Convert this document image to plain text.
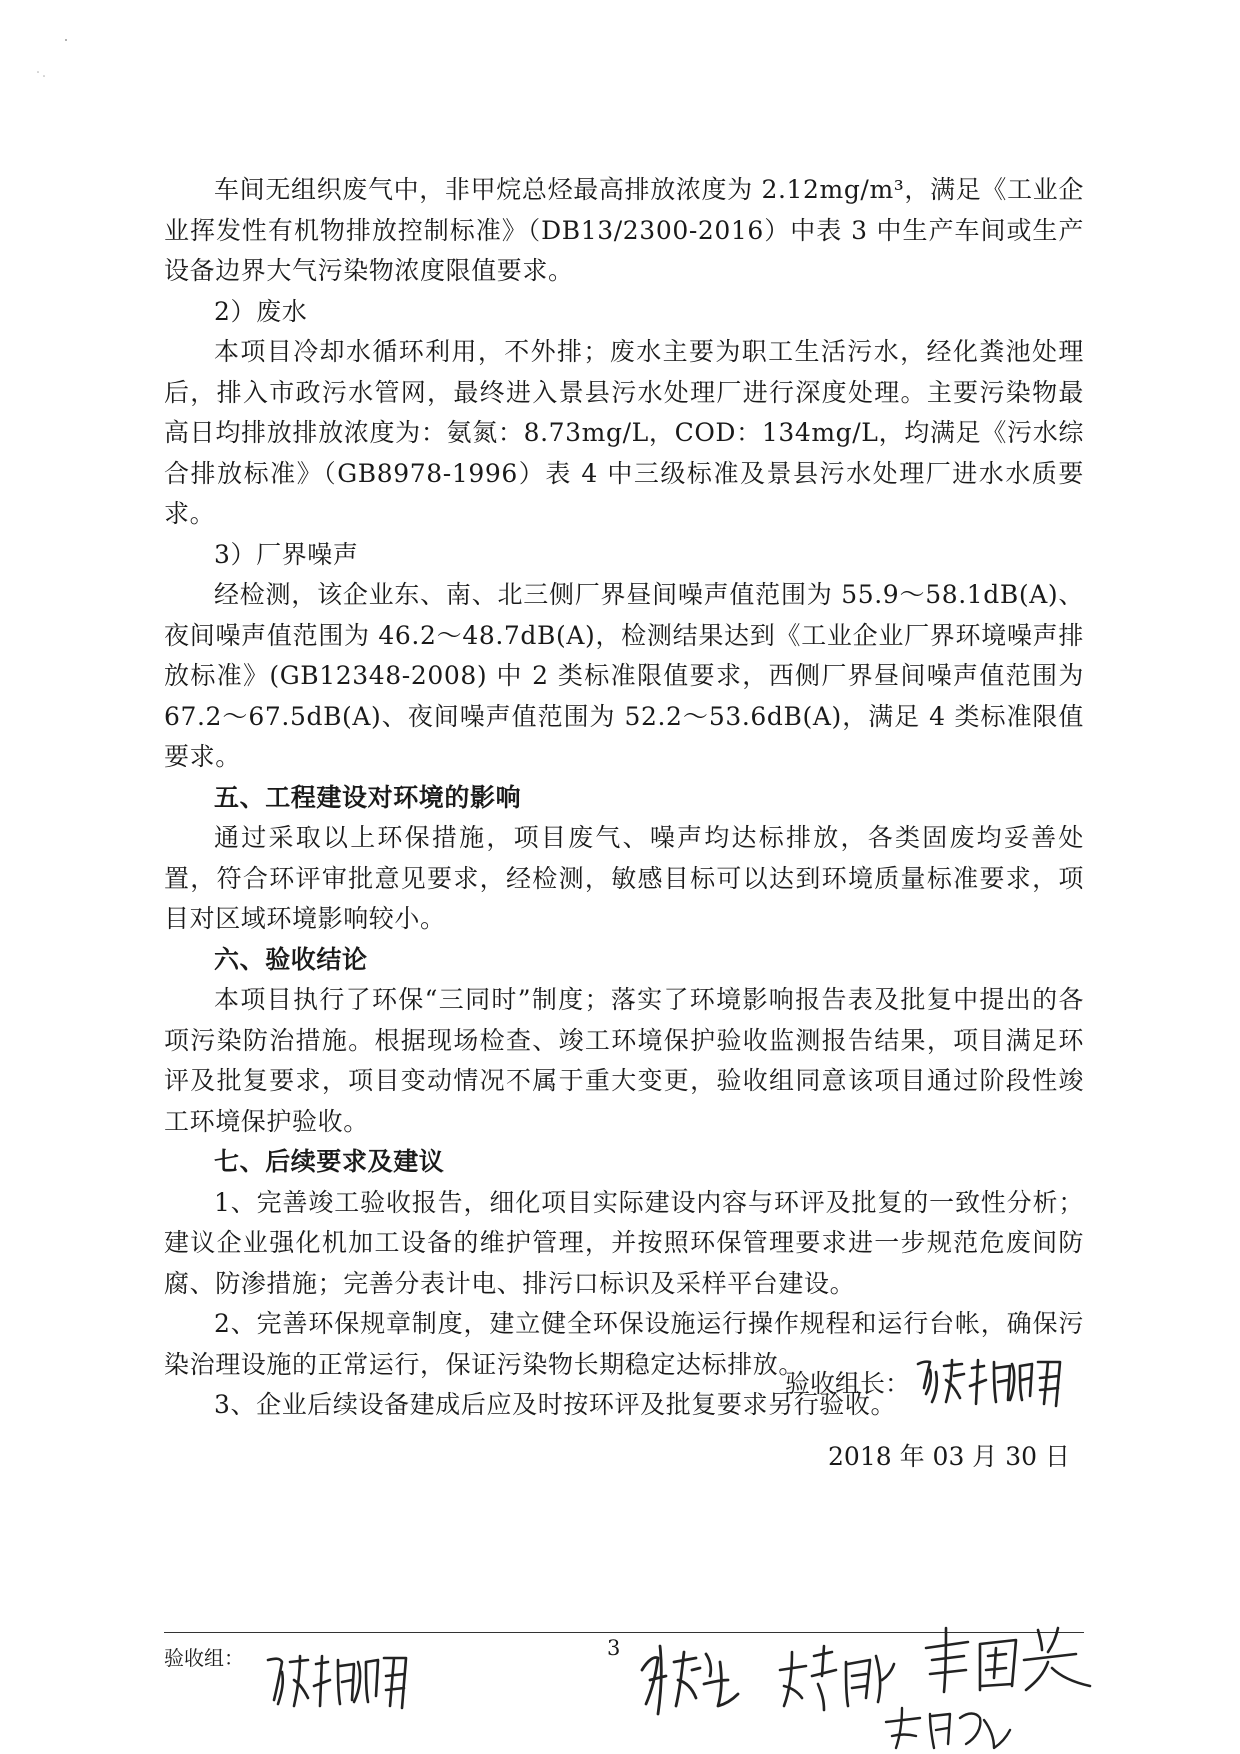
车间无组织废气中，非甲烷总烃最高排放浓度为 2.12mg/m³，满足《工业企业挥发性有机物排放控制标准》（DB13/2300-2016）中表 3 中生产车间或生产设备边界大气污染物浓度限值要求。

2）废水

本项目冷却水循环利用，不外排；废水主要为职工生活污水，经化粪池处理后，排入市政污水管网，最终进入景县污水处理厂进行深度处理。主要污染物最高日均排放排放浓度为：氨氮：8.73mg/L，COD：134mg/L，均满足《污水综合排放标准》（GB8978-1996）表 4 中三级标准及景县污水处理厂进水水质要求。

3）厂界噪声

经检测，该企业东、南、北三侧厂界昼间噪声值范围为 55.9～58.1dB(A)、夜间噪声值范围为 46.2～48.7dB(A)，检测结果达到《工业企业厂界环境噪声排放标准》(GB12348-2008) 中 2 类标准限值要求，西侧厂界昼间噪声值范围为 67.2～67.5dB(A)、夜间噪声值范围为 52.2～53.6dB(A)，满足 4 类标准限值要求。

五、工程建设对环境的影响

通过采取以上环保措施，项目废气、噪声均达标排放，各类固废均妥善处置，符合环评审批意见要求，经检测，敏感目标可以达到环境质量标准要求，项目对区域环境影响较小。

六、验收结论

本项目执行了环保“三同时”制度；落实了环境影响报告表及批复中提出的各项污染防治措施。根据现场检查、竣工环境保护验收监测报告结果，项目满足环评及批复要求，项目变动情况不属于重大变更，验收组同意该项目通过阶段性竣工环境保护验收。

七、后续要求及建议

1、完善竣工验收报告，细化项目实际建设内容与环评及批复的一致性分析；建议企业强化机加工设备的维护管理，并按照环保管理要求进一步规范危废间防腐、防渗措施；完善分表计电、排污口标识及采样平台建设。

2、完善环保规章制度，建立健全环保设施运行操作规程和运行台帐，确保污染治理设施的正常运行，保证污染物长期稳定达标排放。

3、企业后续设备建成后应及时按环评及批复要求另行验收。

验收组长：
2018 年 03 月 30 日
验收组：	3
